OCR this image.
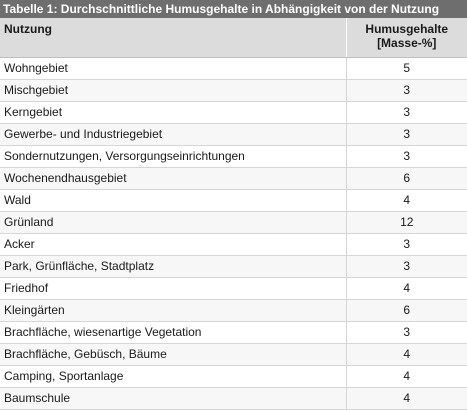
Tabelle 1: Durchschnittliche Humusgehalte in Abhängigkeit von der Nutzung
Nutzung	Humusgehalte
[Masse-%]
Wohngebiet	5
Mischgebiet	3
Kerngebiet	3
Gewerbe- und Industriegebiet	3
Sondernutzungen, Versorgungseinrichtungen	3
Wochenendhausgebiet	6
Wald	4
Grünland	12
Acker	3
Park, Grünfläche, Stadtplatz	3
Friedhof	4
Kleingärten	6
Brachfläche, wiesenartige Vegetation	3
Brachfläche, Gebüsch, Bäume	4
Camping, Sportanlage	4
Baumschule	4
